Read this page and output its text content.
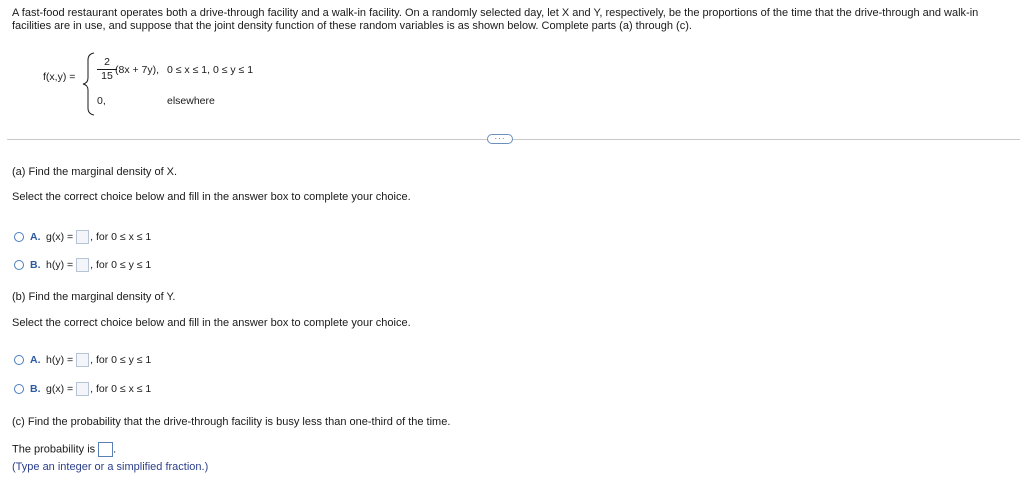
A fast-food restaurant operates both a drive-through facility and a walk-in facility. On a randomly selected day, let X and Y, respectively, be the proportions of the time that the drive-through and walk-in facilities are in use, and suppose that the joint density function of these random variables is as shown below. Complete parts (a) through (c).
f(x,y) =
2
15 (8x + 7y), 0 ≤ x ≤ 1, 0 ≤ y ≤ 1
0,	elsewhere
···
(a) Find the marginal density of X.
Select the correct choice below and fill in the answer box to complete your choice.
A. g(x) = , for 0 ≤ x ≤ 1
B. h(y) = , for 0 ≤ y ≤ 1
(b) Find the marginal density of Y.
Select the correct choice below and fill in the answer box to complete your choice.
A. h(y) = , for 0 ≤ y ≤ 1
B. g(x) = , for 0 ≤ x ≤ 1
(c) Find the probability that the drive-through facility is busy less than one-third of the time.
The probability is .
(Type an integer or a simplified fraction.)
